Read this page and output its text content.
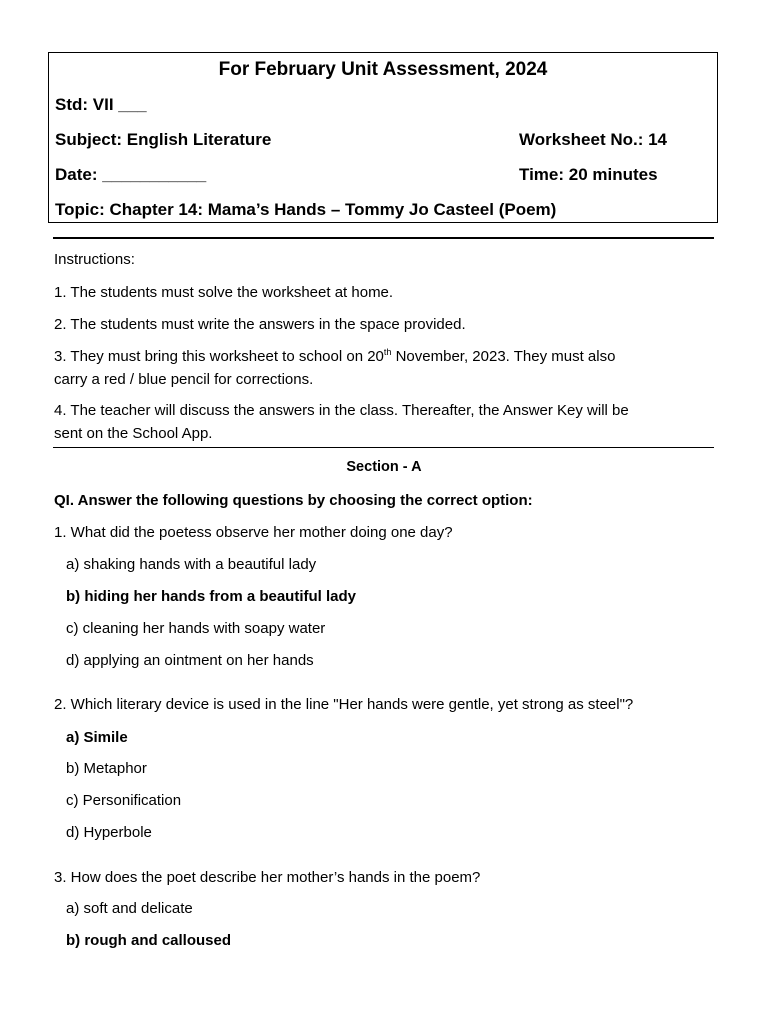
For February Unit Assessment, 2024
Std: VII ___
Subject: English Literature	Worksheet No.: 14
Date: ___________	Time: 20 minutes
Topic: Chapter 14: Mama’s Hands – Tommy Jo Casteel (Poem)
Instructions:
1. The students must solve the worksheet at home.
2. The students must write the answers in the space provided.
3. They must bring this worksheet to school on 20th November, 2023. They must also
carry a red / blue pencil for corrections.
4. The teacher will discuss the answers in the class. Thereafter, the Answer Key will be
sent on the School App.
Section - A
QI. Answer the following questions by choosing the correct option:
1. What did the poetess observe her mother doing one day?
a) shaking hands with a beautiful lady
b) hiding her hands from a beautiful lady
c) cleaning her hands with soapy water
d) applying an ointment on her hands
2. Which literary device is used in the line "Her hands were gentle, yet strong as steel"?
a) Simile
b) Metaphor
c) Personification
d) Hyperbole
3. How does the poet describe her mother’s hands in the poem?
a) soft and delicate
b) rough and calloused
